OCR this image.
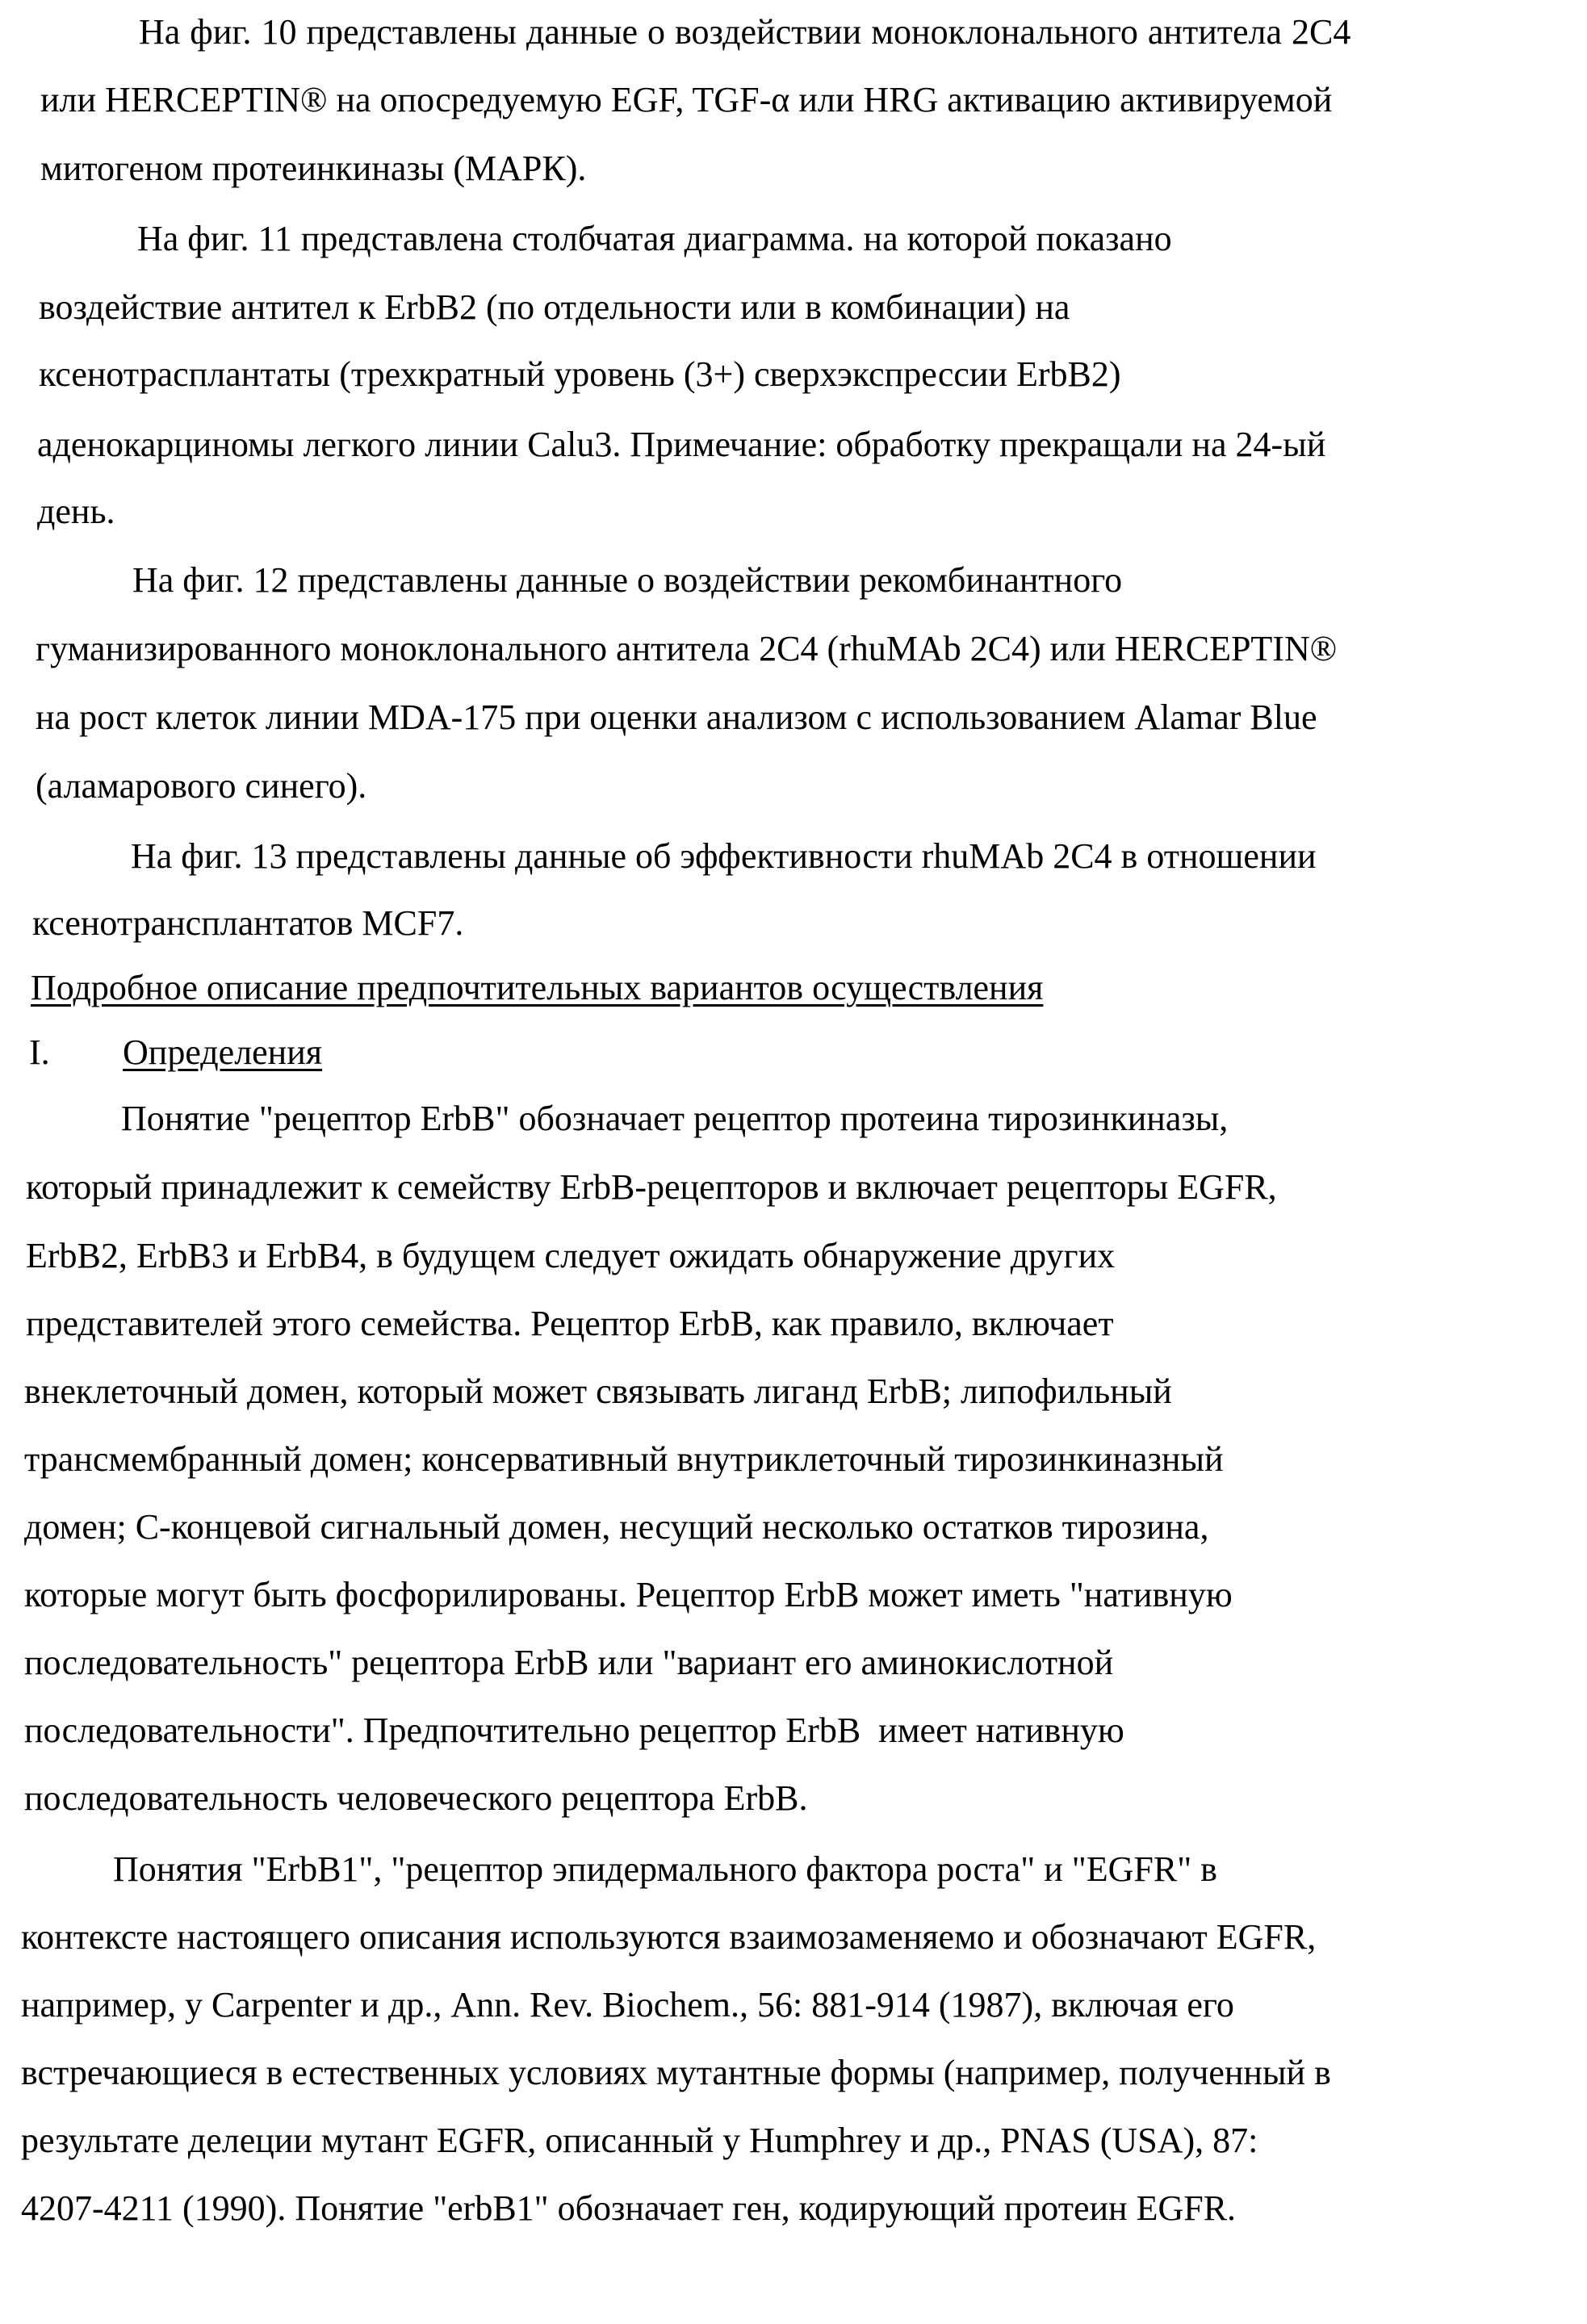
На фиг. 10 представлены данные о воздействии моноклонального антитела 2С4
или HERCEPTIN® на опосредуемую EGF, TGF-α или HRG активацию активируемой
митогеном протеинкиназы (МАРК).
На фиг. 11 представлена столбчатая диаграмма. на которой показано
воздействие антител к ErbB2 (по отдельности или в комбинации) на
ксенотрасплантаты (трехкратный уровень (3+) сверхэкспрессии ErbB2)
аденокарциномы легкого линии Calu3. Примечание: обработку прекращали на 24-ый
день.
На фиг. 12 представлены данные о воздействии рекомбинантного
гуманизированного моноклонального антитела 2С4 (rhuMAb 2C4) или HERCEPTIN®
на рост клеток линии MDA-175 при оценки анализом с использованием Alamar Blue
(аламарового синего).
На фиг. 13 представлены данные об эффективности rhuMAb 2C4 в отношении
ксенотрансплантатов MCF7.
Подробное описание предпочтительных вариантов осуществления
I. Определения
Понятие "рецептор ErbB" обозначает рецептор протеина тирозинкиназы,
который принадлежит к семейству ErbB-рецепторов и включает рецепторы EGFR,
ErbB2, ErbB3 и ErbB4, в будущем следует ожидать обнаружение других
представителей этого семейства. Рецептор ErbB, как правило, включает
внеклеточный домен, который может связывать лиганд ErbB; липофильный
трансмембранный домен; консервативный внутриклеточный тирозинкиназный
домен; С-концевой сигнальный домен, несущий несколько остатков тирозина,
которые могут быть фосфорилированы. Рецептор ErbB может иметь "нативную
последовательность" рецептора ErbB или "вариант его аминокислотной
последовательности". Предпочтительно рецептор ErbB  имеет нативную
последовательность человеческого рецептора ErbB.
Понятия "ErbB1", "рецептор эпидермального фактора роста" и "EGFR" в
контексте настоящего описания используются взаимозаменяемо и обозначают EGFR,
например, у Carpenter и др., Ann. Rev. Biochem., 56: 881-914 (1987), включая его
встречающиеся в естественных условиях мутантные формы (например, полученный в
результате делеции мутант EGFR, описанный у Humphrey и др., PNAS (USA), 87:
4207-4211 (1990). Понятие "erbB1" обозначает ген, кодирующий протеин EGFR.
